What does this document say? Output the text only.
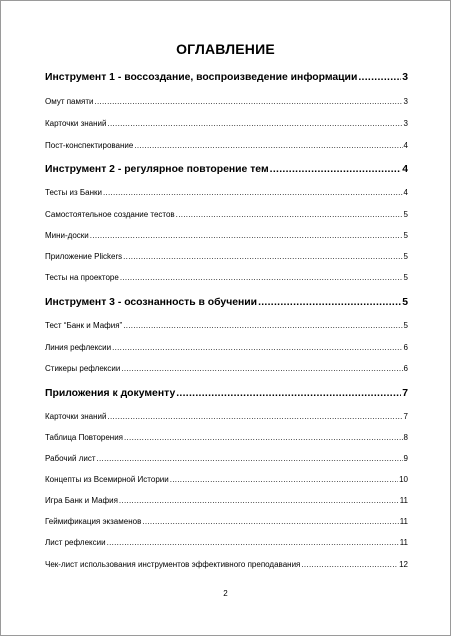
ОГЛАВЛЕНИЕ
Инструмент 1 - воссоздание, воспроизведение информации .....	3
Омут памяти .....	3
Карточки знаний .....	3
Пост-конспектирование .....	4
Инструмент 2 - регулярное повторение тем .....	4
Тесты из Банки .....	4
Самостоятельное создание тестов .....	5
Мини-доски .....	5
Приложение Plickers .....	5
Тесты на проекторе .....	5
Инструмент 3 - осознанность в обучении .....	5
Тест “Банк и Мафия” .....	5
Линия рефлексии .....	6
Стикеры рефлексии .....	6
Приложения к документу .....	7
Карточки знаний .....	7
Таблица Повторения .....	8
Рабочий лист .....	9
Концепты из Всемирной Истории .....	10
Игра Банк и Мафия .....	11
Геймификация экзаменов .....	11
Лист рефлексии .....	11
Чек-лист использования инструментов эффективного преподавания .....	12
2
